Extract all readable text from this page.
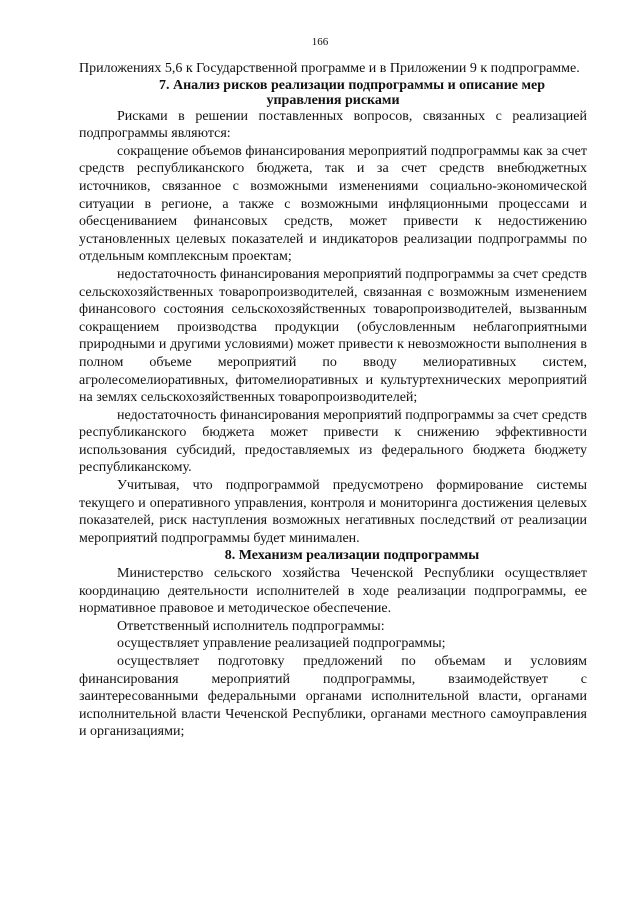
166

Приложениях 5,6 к Государственной программе и в Приложении 9 к подпрограмме.

7. Анализ рисков реализации подпрограммы и описание мер управления рисками

Рисками в решении поставленных вопросов, связанных с реализацией подпрограммы являются:

сокращение объемов финансирования мероприятий подпрограммы как за счет средств республиканского бюджета, так и за счет средств внебюджетных источников, связанное с возможными изменениями социально-экономической ситуации в регионе, а также с возможными инфляционными процессами и обесцениванием финансовых средств, может привести к недостижению установленных целевых показателей и индикаторов реализации подпрограммы по отдельным комплексным проектам;

недостаточность финансирования мероприятий подпрограммы за счет средств сельскохозяйственных товаропроизводителей, связанная с возможным изменением финансового состояния сельскохозяйственных товаропроизводителей, вызванным сокращением производства продукции (обусловленным неблагоприятными природными и другими условиями) может привести к невозможности выполнения в полном объеме мероприятий по вводу мелиоративных систем, агролесомелиоративных, фитомелиоративных и культуртехнических мероприятий на землях сельскохозяйственных товаропроизводителей;

недостаточность финансирования мероприятий подпрограммы за счет средств республиканского бюджета может привести к снижению эффективности использования субсидий, предоставляемых из федерального бюджета бюджету республиканскому.

Учитывая, что подпрограммой предусмотрено формирование системы текущего и оперативного управления, контроля и мониторинга достижения целевых показателей, риск наступления возможных негативных последствий от реализации мероприятий подпрограммы будет минимален.

8. Механизм реализации подпрограммы

Министерство сельского хозяйства Чеченской Республики осуществляет координацию деятельности исполнителей в ходе реализации подпрограммы, ее нормативное правовое и методическое обеспечение.

Ответственный исполнитель подпрограммы:

осуществляет управление реализацией подпрограммы;

осуществляет подготовку предложений по объемам и условиям финансирования мероприятий подпрограммы, взаимодействует с заинтересованными федеральными органами исполнительной власти, органами исполнительной власти Чеченской Республики, органами местного самоуправления и организациями;
